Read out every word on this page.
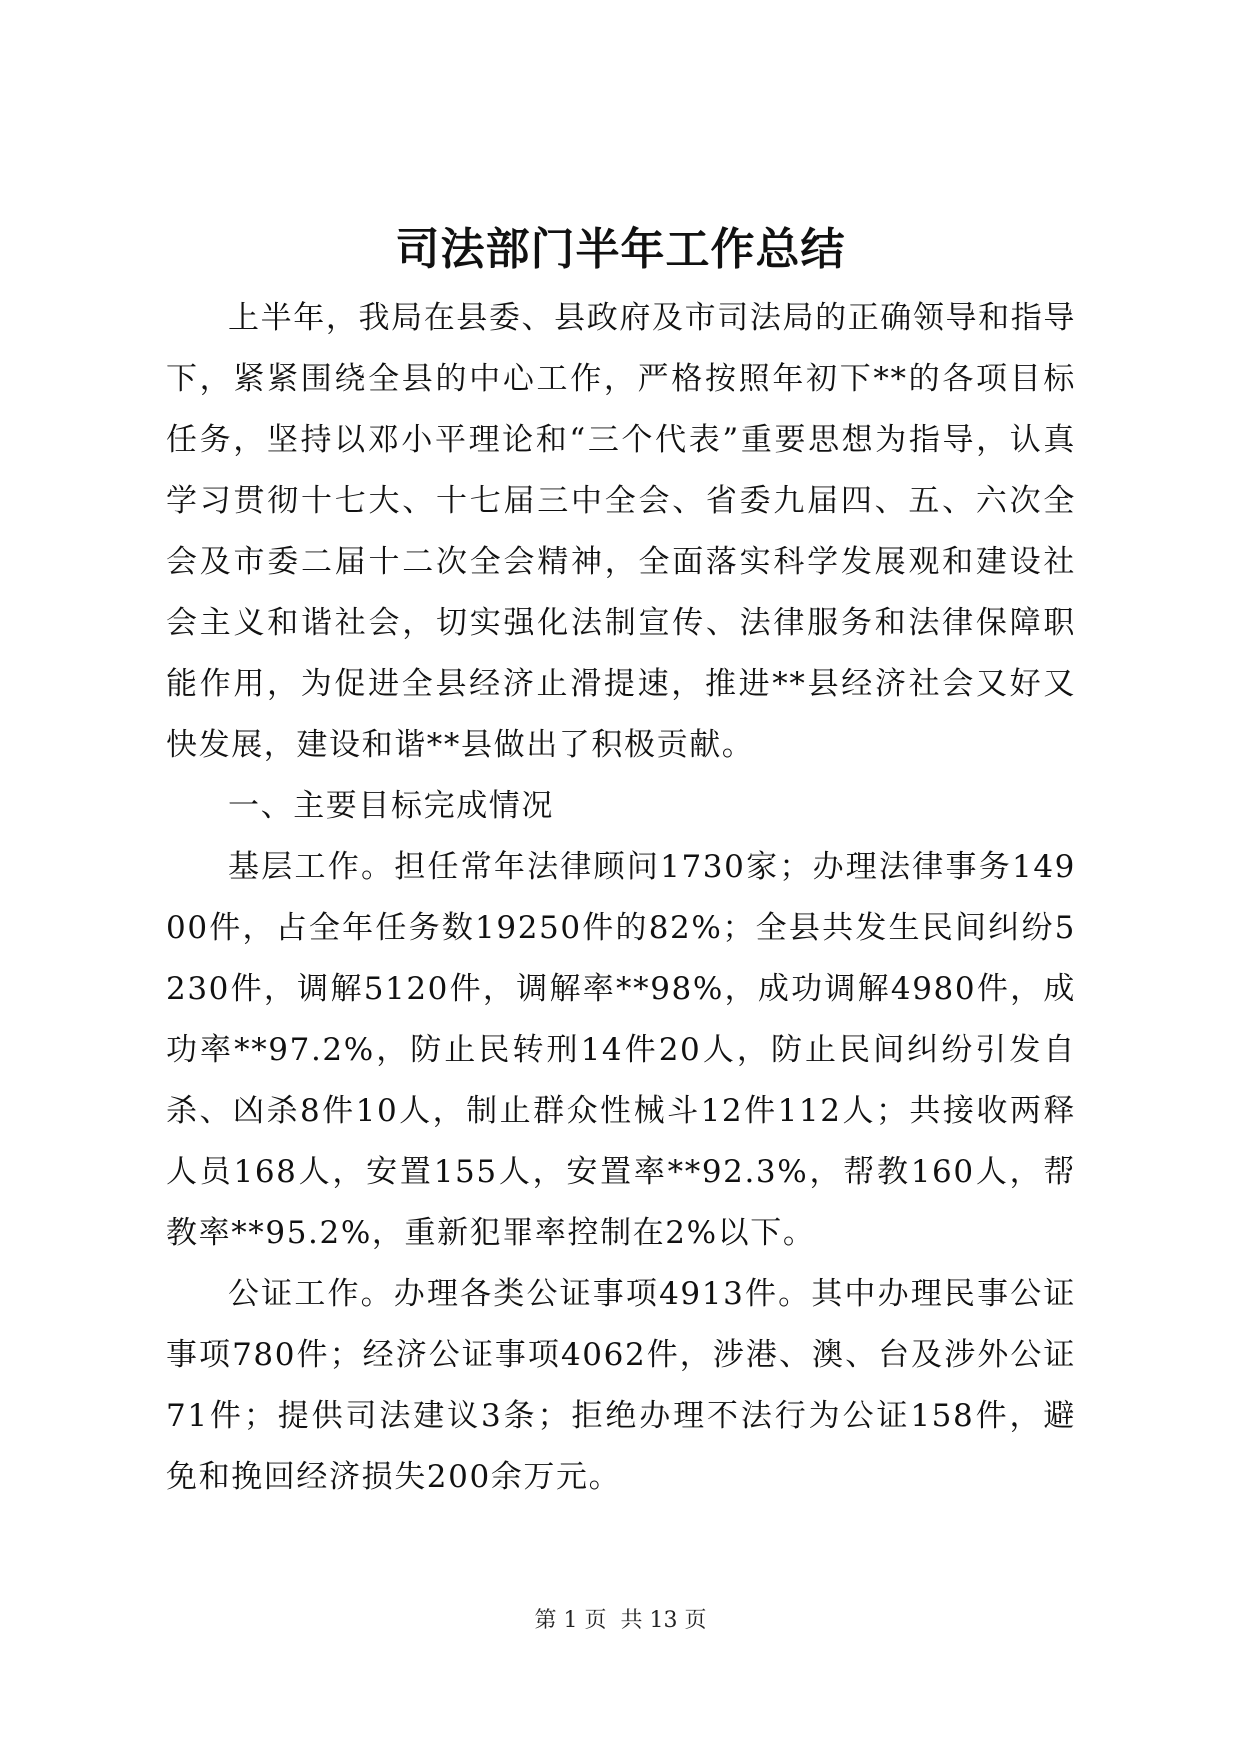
司法部门半年工作总结

上半年，我局在县委、县政府及市司法局的正确领导和指导下，紧紧围绕全县的中心工作，严格按照年初下**的各项目标任务，坚持以邓小平理论和“三个代表”重要思想为指导，认真学习贯彻十七大、十七届三中全会、省委九届四、五、六次全会及市委二届十二次全会精神，全面落实科学发展观和建设社会主义和谐社会，切实强化法制宣传、法律服务和法律保障职能作用，为促进全县经济止滑提速，推进**县经济社会又好又快发展，建设和谐**县做出了积极贡献。

一、主要目标完成情况

基层工作。担任常年法律顾问1730家；办理法律事务14900件，占全年任务数19250件的82%；全县共发生民间纠纷5230件，调解5120件，调解率**98%，成功调解4980件，成功率**97.2%，防止民转刑14件20人，防止民间纠纷引发自杀、凶杀8件10人，制止群众性械斗12件112人；共接收两释人员168人，安置155人，安置率**92.3%，帮教160人，帮教率**95.2%，重新犯罪率控制在2%以下。

公证工作。办理各类公证事项4913件。其中办理民事公证事项780件；经济公证事项4062件，涉港、澳、台及涉外公证71件；提供司法建议3条；拒绝办理不法行为公证158件，避免和挽回经济损失200余万元。

第 1 页  共 13 页
